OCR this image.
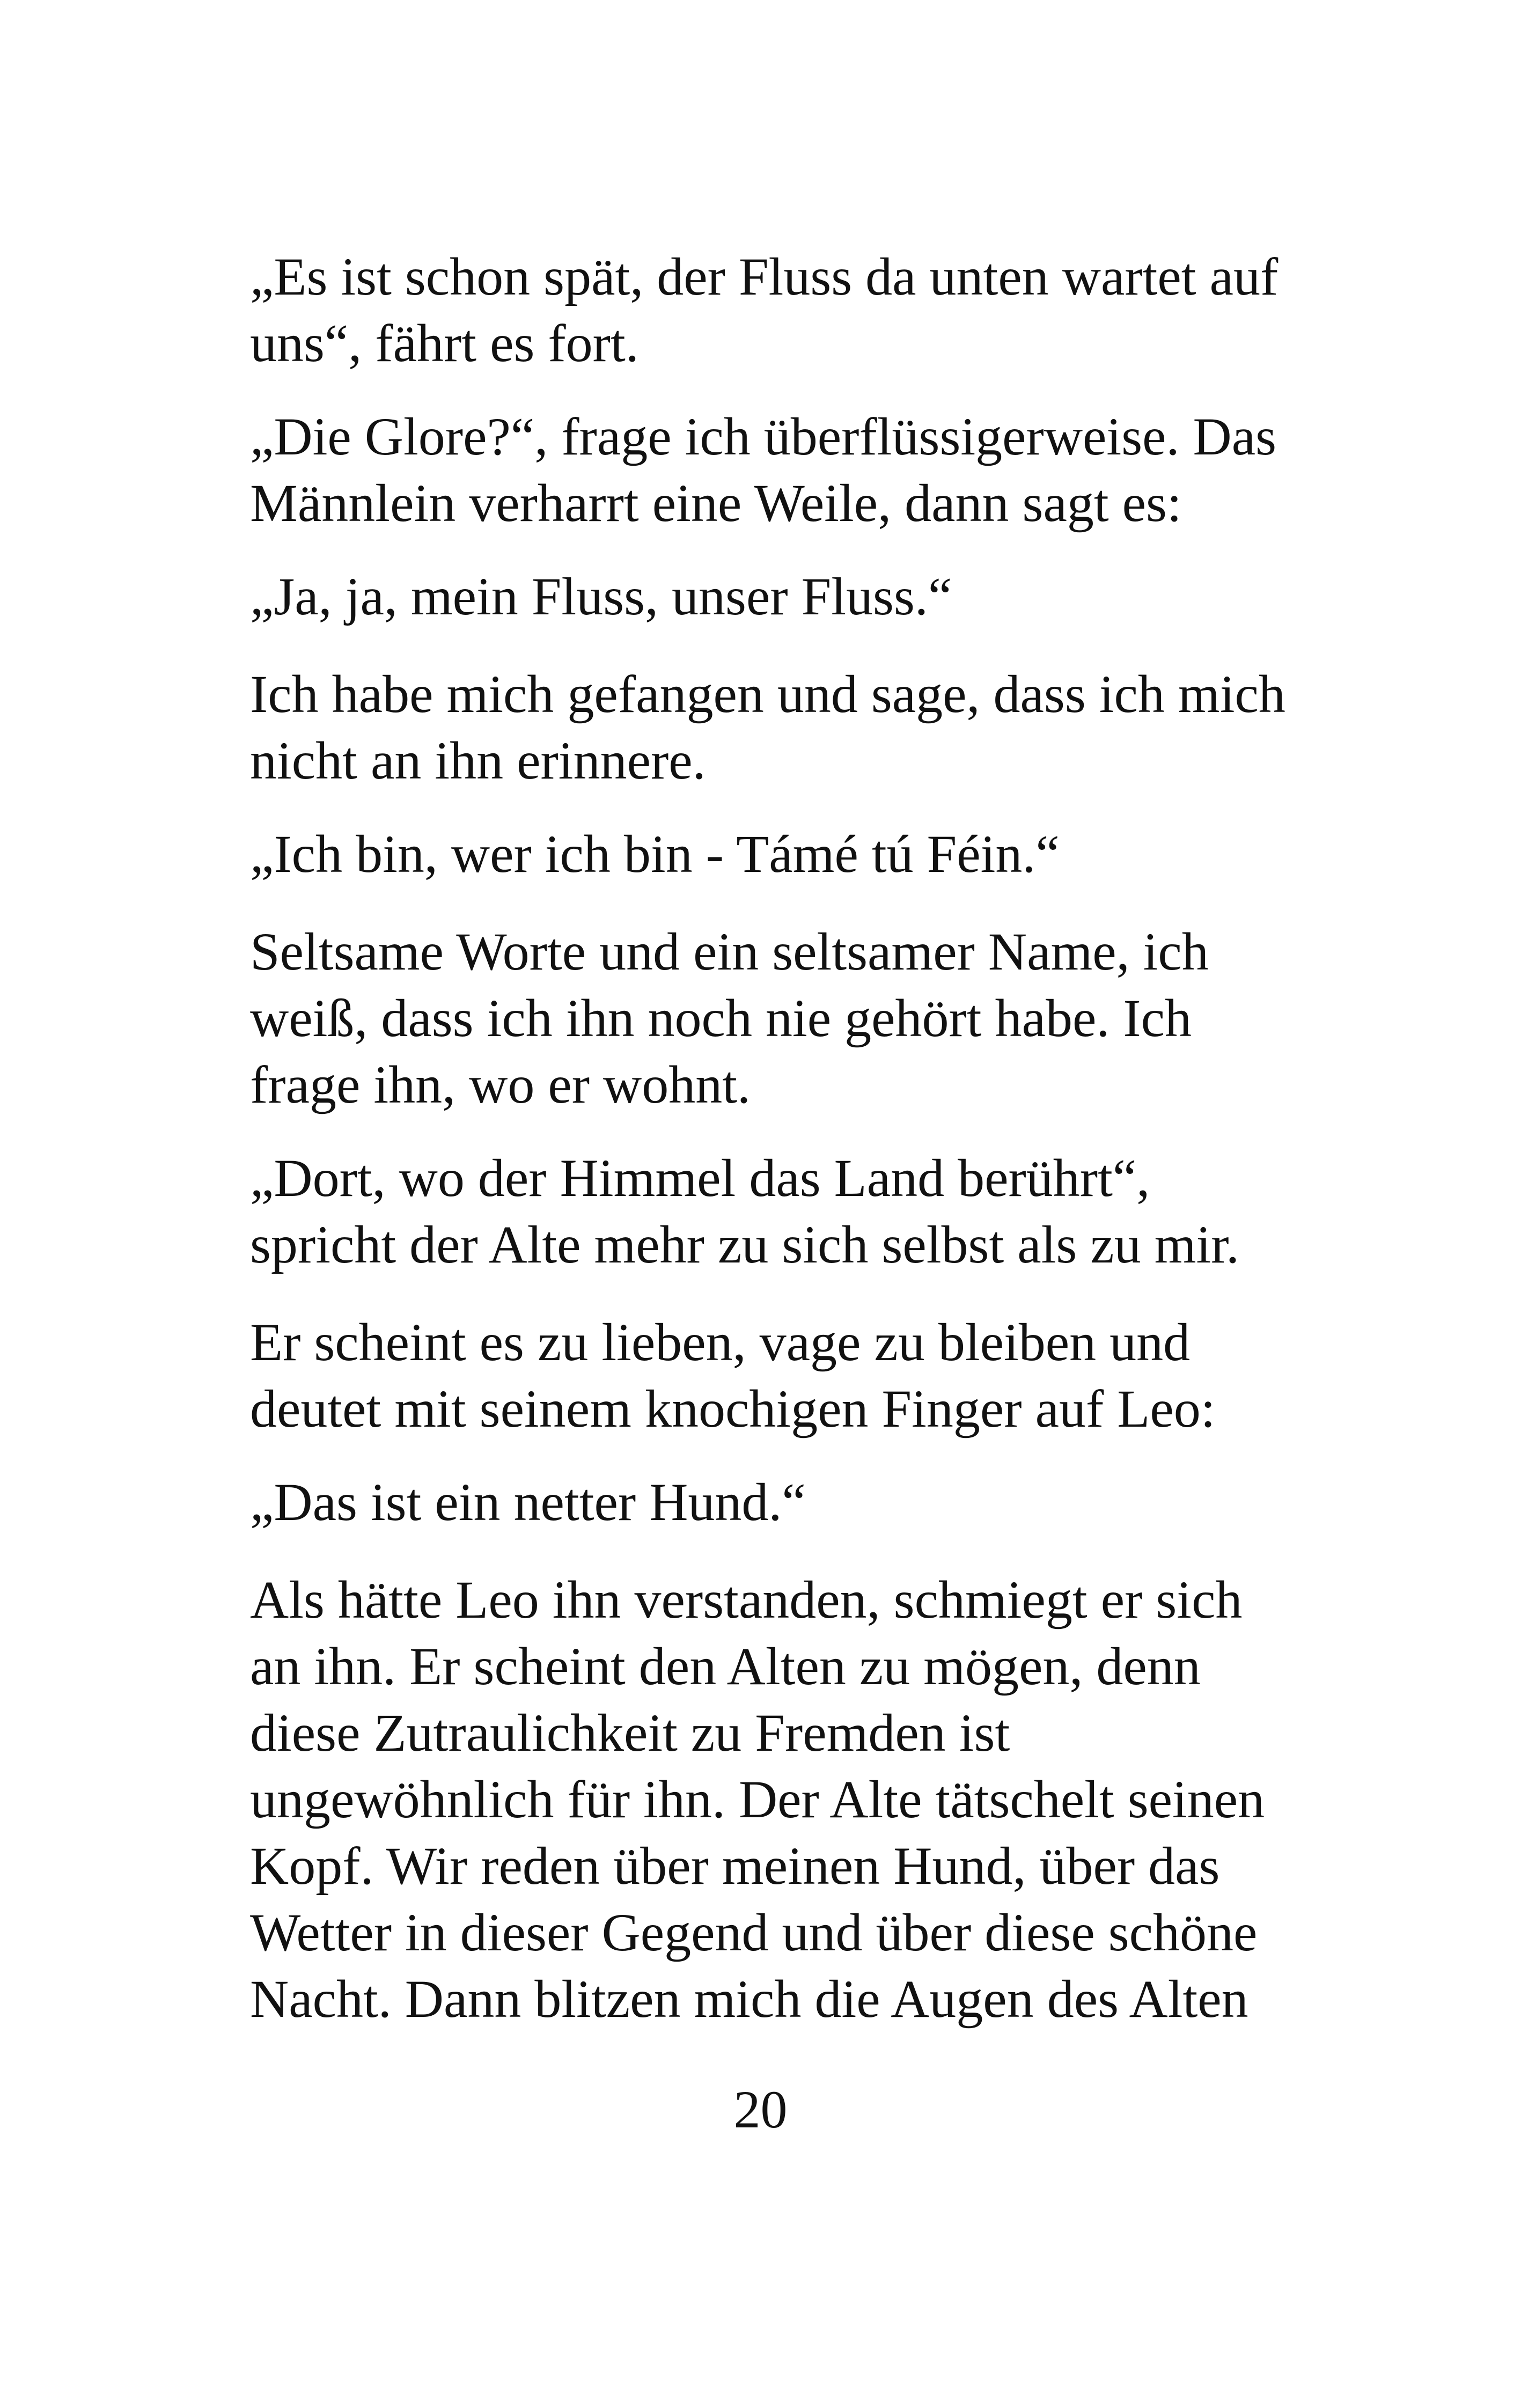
„Es ist schon spät, der Fluss da unten wartet auf
uns“, fährt es fort.

„Die Glore?“, frage ich überflüssigerweise. Das
Männlein verharrt eine Weile, dann sagt es:

„Ja, ja, mein Fluss, unser Fluss.“

Ich habe mich gefangen und sage, dass ich mich
nicht an ihn erinnere.

„Ich bin, wer ich bin - Támé tú Féin.“

Seltsame Worte und ein seltsamer Name, ich
weiß, dass ich ihn noch nie gehört habe. Ich
frage ihn, wo er wohnt.

„Dort, wo der Himmel das Land berührt“,
spricht der Alte mehr zu sich selbst als zu mir.

Er scheint es zu lieben, vage zu bleiben und
deutet mit seinem knochigen Finger auf Leo:

„Das ist ein netter Hund.“

Als hätte Leo ihn verstanden, schmiegt er sich
an ihn. Er scheint den Alten zu mögen, denn
diese Zutraulichkeit zu Fremden ist
ungewöhnlich für ihn. Der Alte tätschelt seinen
Kopf. Wir reden über meinen Hund, über das
Wetter in dieser Gegend und über diese schöne
Nacht. Dann blitzen mich die Augen des Alten

20
